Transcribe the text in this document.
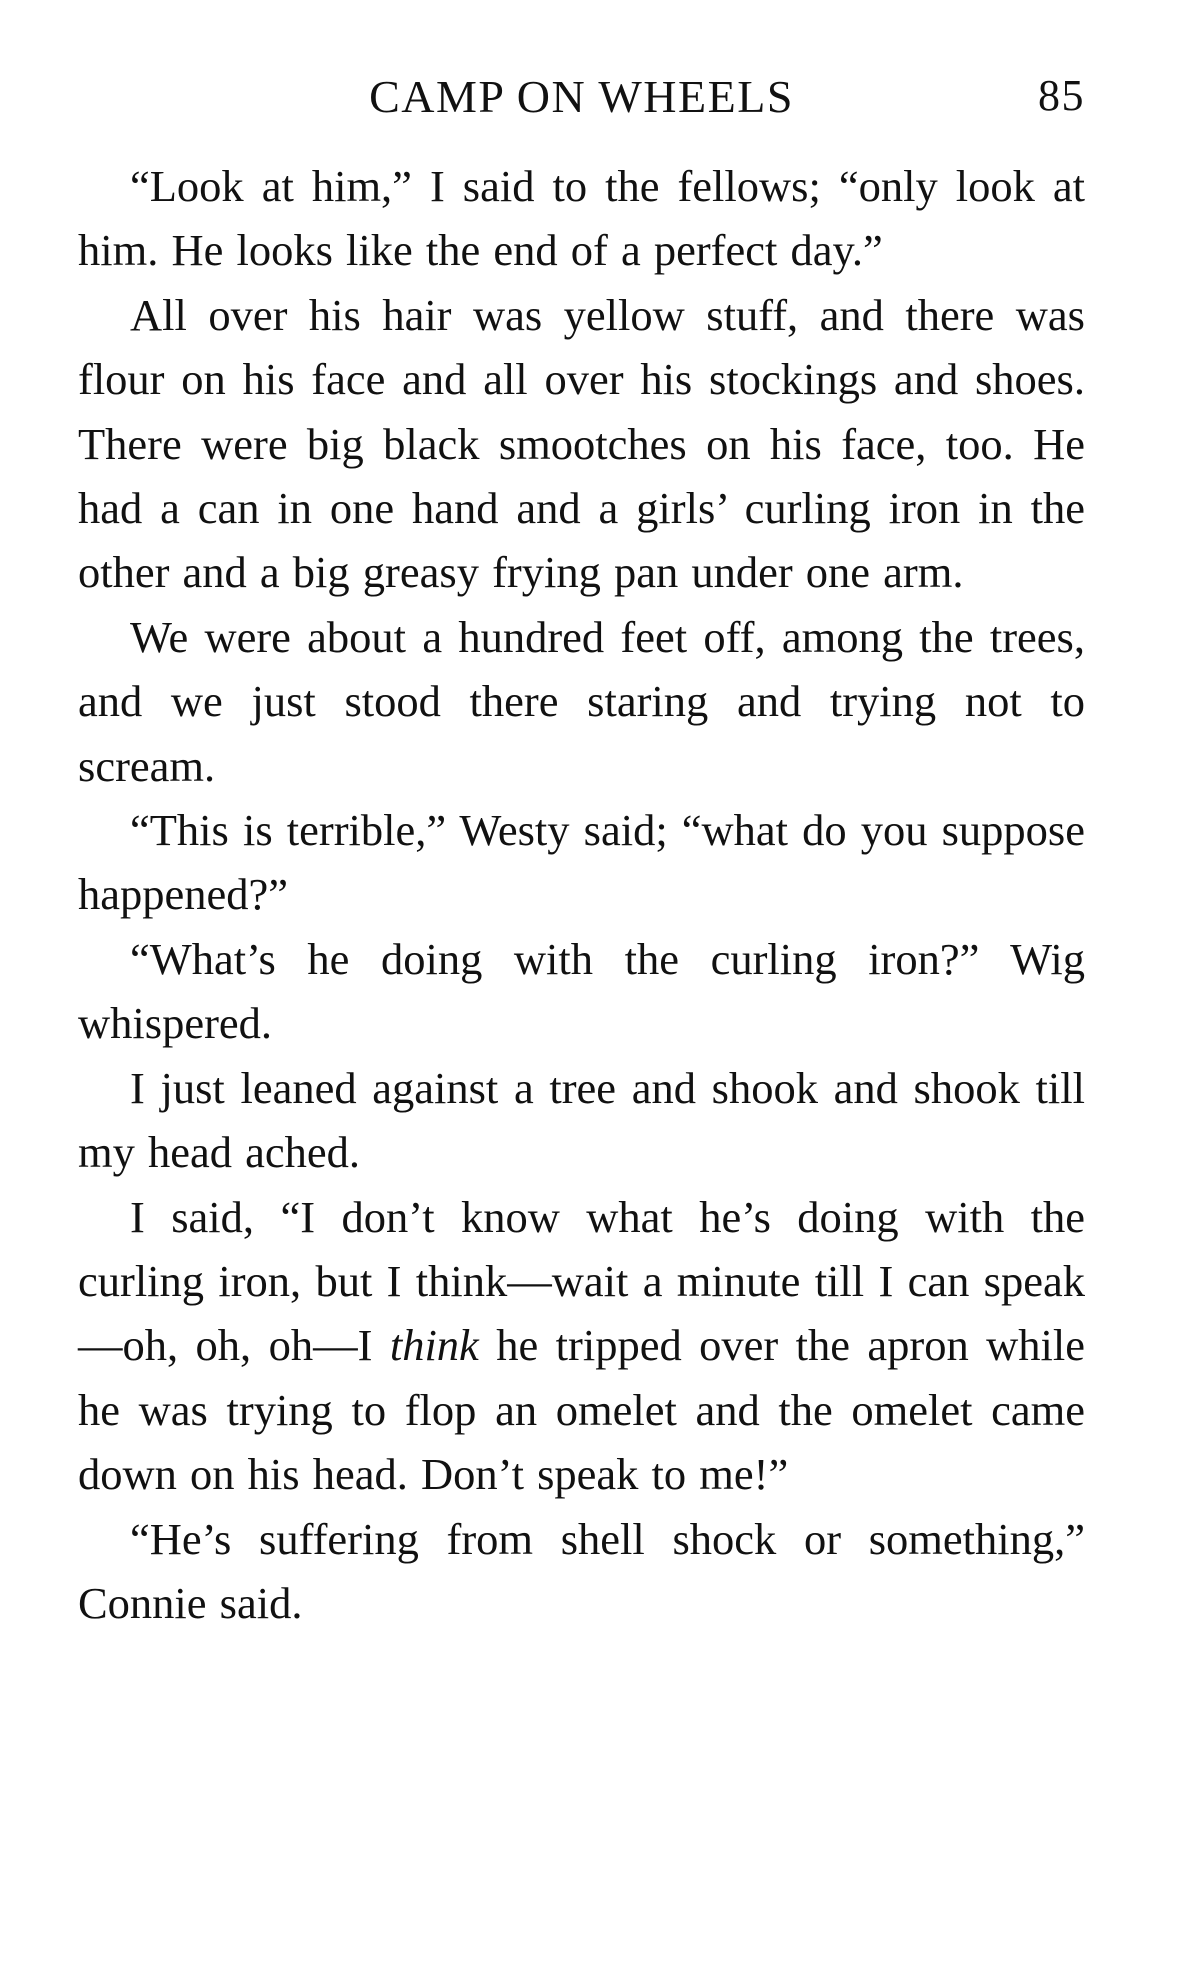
CAMP ON WHEELS	85

“Look at him,” I said to the fellows; “only look at him. He looks like the end of a perfect day.”

All over his hair was yellow stuff, and there was flour on his face and all over his stockings and shoes. There were big black smootches on his face, too. He had a can in one hand and a girls’ curling iron in the other and a big greasy frying pan under one arm.

We were about a hundred feet off, among the trees, and we just stood there staring and trying not to scream.

“This is terrible,” Westy said; “what do you suppose happened?”

“What’s he doing with the curling iron?” Wig whispered.

I just leaned against a tree and shook and shook till my head ached.

I said, “I don’t know what he’s doing with the curling iron, but I think—wait a minute till I can speak—oh, oh, oh—I think he tripped over the apron while he was trying to flop an omelet and the omelet came down on his head. Don’t speak to me!”

“He’s suffering from shell shock or something,” Connie said.
